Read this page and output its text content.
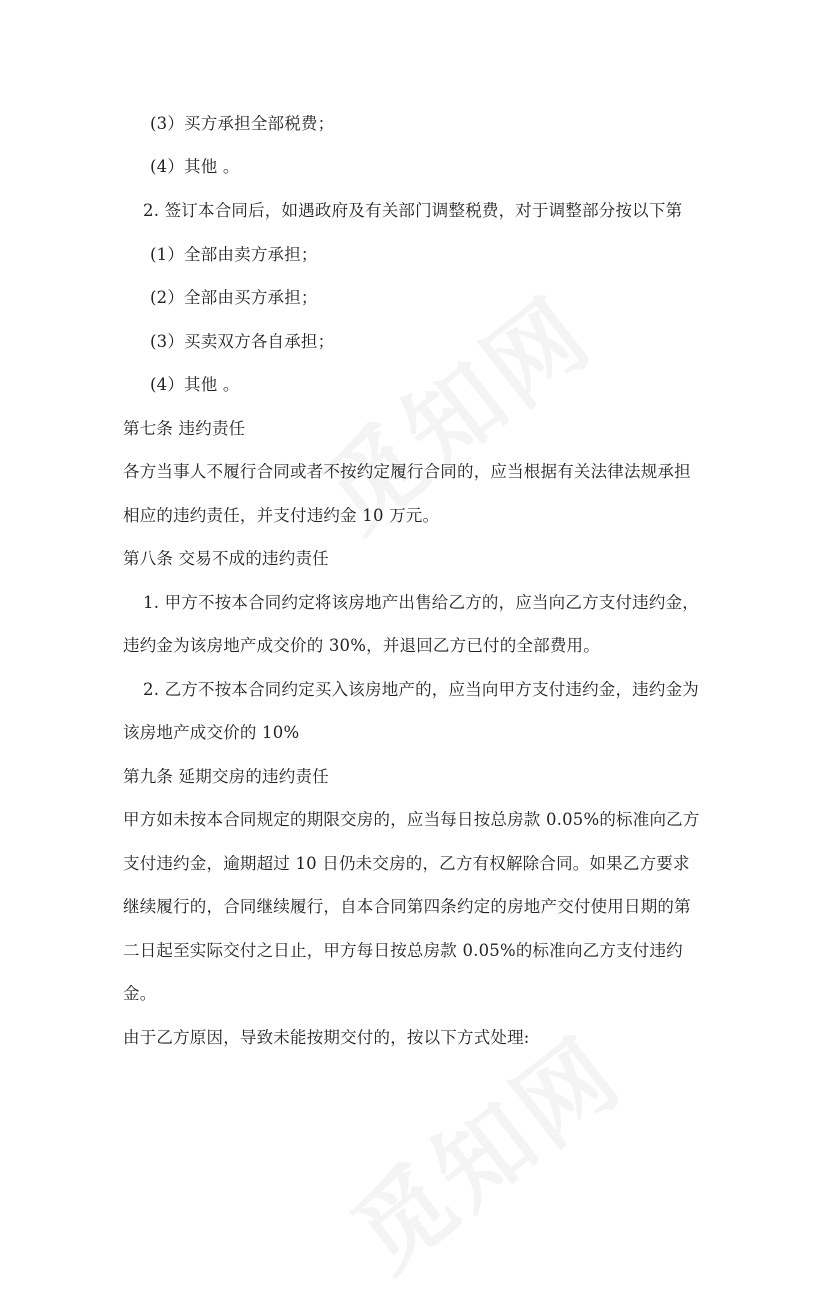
(3）买方承担全部税费；
(4）其他 。
2. 签订本合同后，如遇政府及有关部门调整税费，对于调整部分按以下第
(1）全部由卖方承担；
(2）全部由买方承担；
(3）买卖双方各自承担；
(4）其他 。
第七条 违约责任
各方当事人不履行合同或者不按约定履行合同的，应当根据有关法律法规承担
相应的违约责任，并支付违约金 10 万元。
第八条 交易不成的违约责任
1. 甲方不按本合同约定将该房地产出售给乙方的，应当向乙方支付违约金，
违约金为该房地产成交价的 30%，并退回乙方已付的全部费用。
2. 乙方不按本合同约定买入该房地产的，应当向甲方支付违约金，违约金为
该房地产成交价的 10%
第九条 延期交房的违约责任
甲方如未按本合同规定的期限交房的，应当每日按总房款 0.05%的标准向乙方
支付违约金，逾期超过 10 日仍未交房的，乙方有权解除合同。如果乙方要求
继续履行的，合同继续履行，自本合同第四条约定的房地产交付使用日期的第
二日起至实际交付之日止，甲方每日按总房款 0.05%的标准向乙方支付违约
金。
由于乙方原因，导致未能按期交付的，按以下方式处理:
